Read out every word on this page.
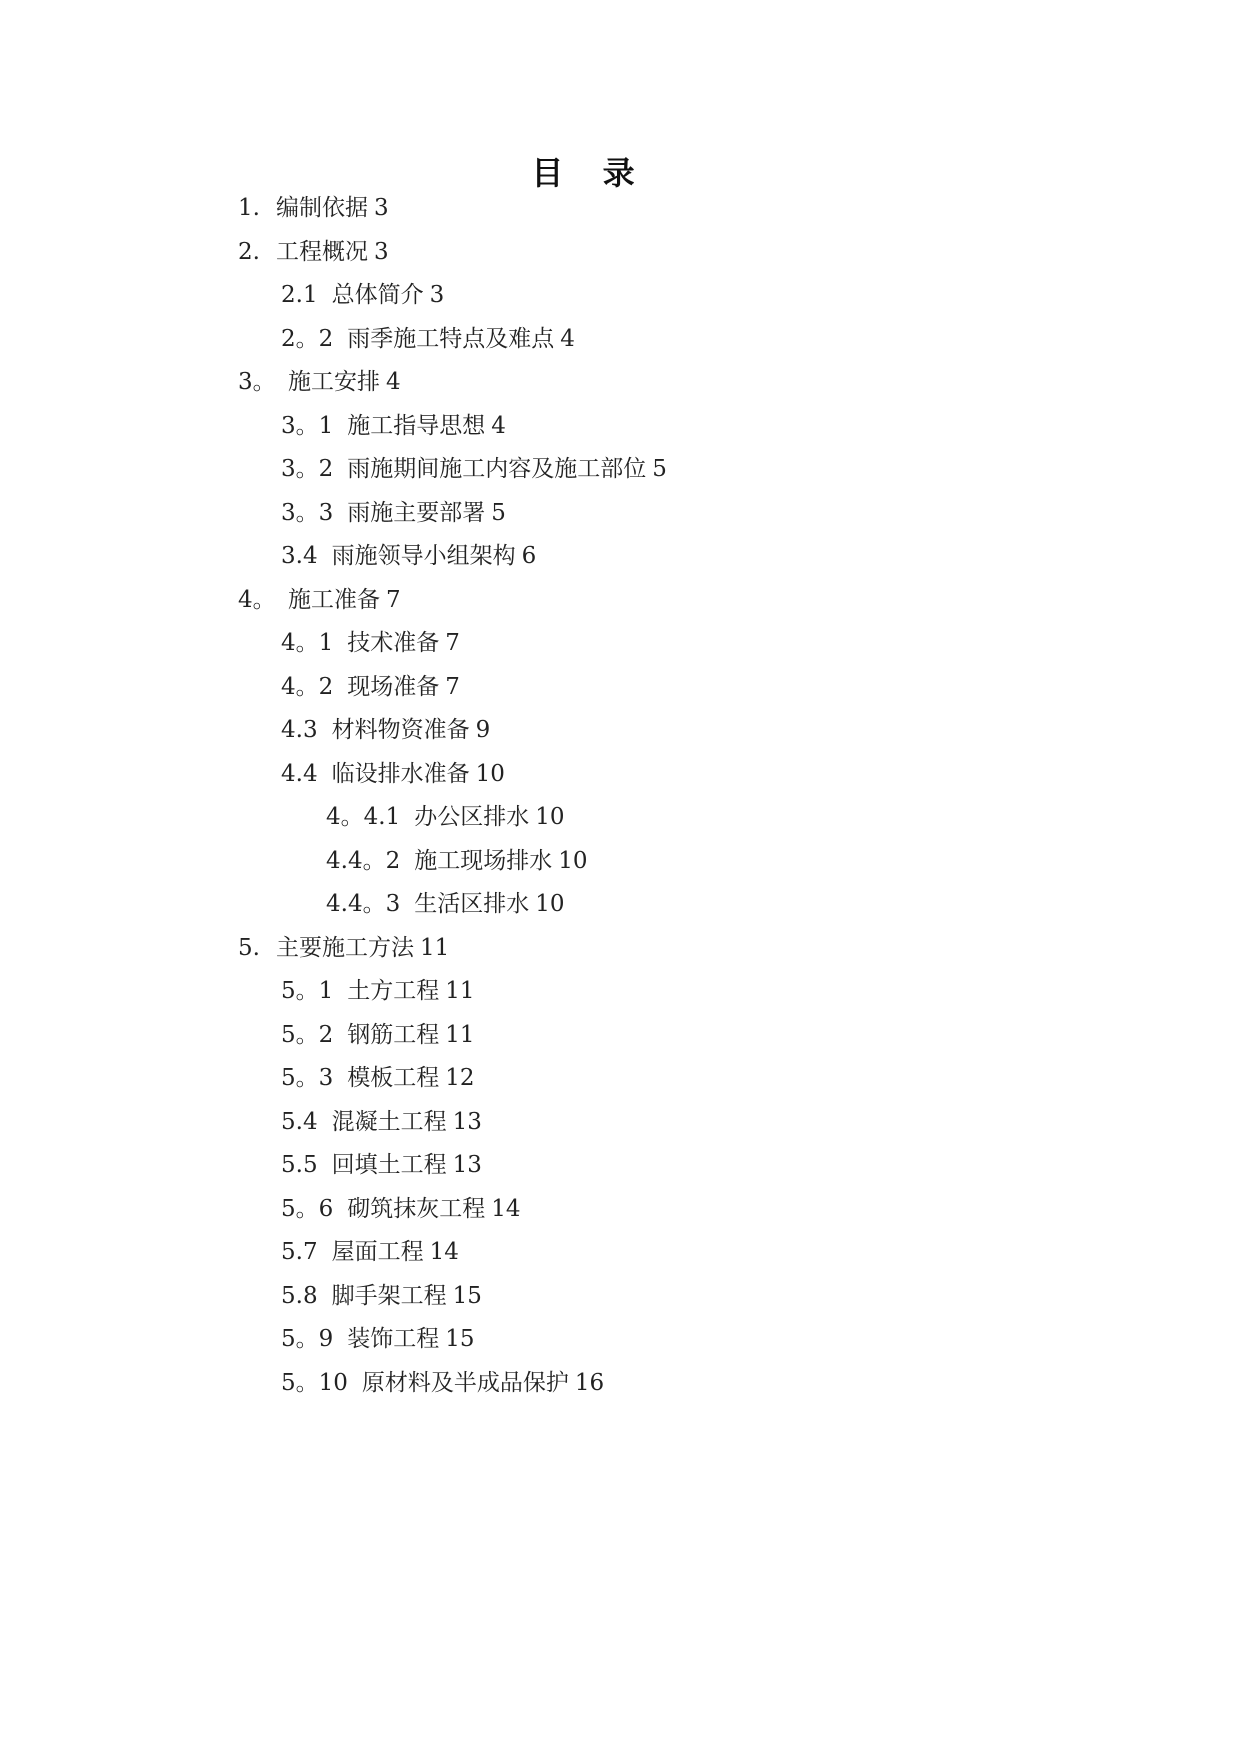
目 录
1. 编制依据 3
2. 工程概况 3
2.1 总体简介 3
2。2 雨季施工特点及难点 4
3。 施工安排 4
3。1 施工指导思想 4
3。2 雨施期间施工内容及施工部位 5
3。3 雨施主要部署 5
3.4 雨施领导小组架构 6
4。 施工准备 7
4。1 技术准备 7
4。2 现场准备 7
4.3 材料物资准备 9
4.4 临设排水准备 10
4。4.1 办公区排水 10
4.4。2 施工现场排水 10
4.4。3 生活区排水 10
5. 主要施工方法 11
5。1 土方工程 11
5。2 钢筋工程 11
5。3 模板工程 12
5.4 混凝土工程 13
5.5 回填土工程 13
5。6 砌筑抹灰工程 14
5.7 屋面工程 14
5.8 脚手架工程 15
5。9 装饰工程 15
5。10 原材料及半成品保护 16
